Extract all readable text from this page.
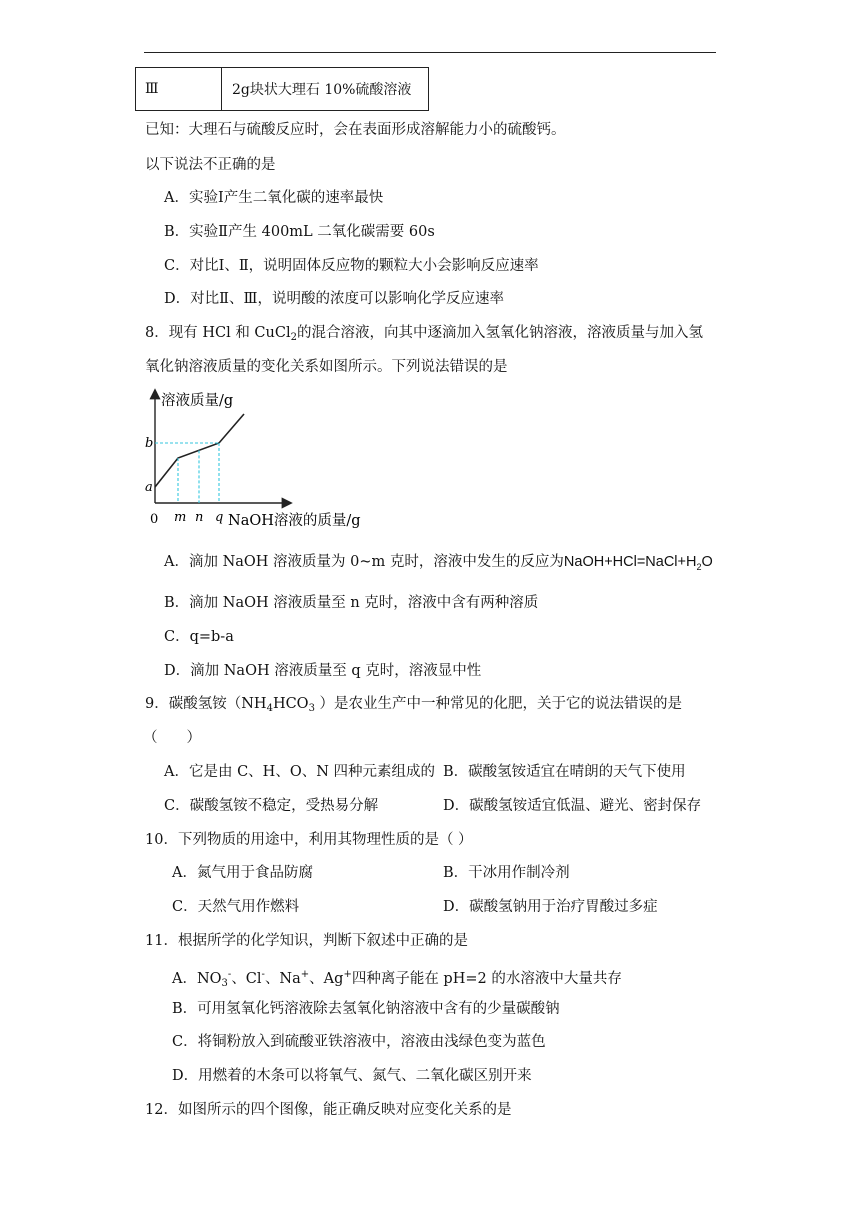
Ⅲ	2g块状大理石 10%硫酸溶液
已知：大理石与硫酸反应时，会在表面形成溶解能力小的硫酸钙。
以下说法不正确的是
A．实验Ⅰ产生二氧化碳的速率最快
B．实验Ⅱ产生 400mL 二氧化碳需要 60s
C．对比Ⅰ、Ⅱ，说明固体反应物的颗粒大小会影响反应速率
D．对比Ⅱ、Ⅲ，说明酸的浓度可以影响化学反应速率
8．现有 HCl 和 CuCl$_2$的混合溶液，向其中逐滴加入氢氧化钠溶液，溶液质量与加入氢
氧化钠溶液质量的变化关系如图所示。下列说法错误的是
溶液质量/g
NaOH溶液的质量/g
0 m n q
a
b
A．滴加 NaOH 溶液质量为 0~m 克时，溶液中发生的反应为$NaOH+HCl=NaCl+H_2O$
B．滴加 NaOH 溶液质量至 n 克时，溶液中含有两种溶质
C．q=b-a
D．滴加 NaOH 溶液质量至 q 克时，溶液显中性
9．碳酸氢铵（$NH_4HCO_3$ ）是农业生产中一种常见的化肥，关于它的说法错误的是
（　　）
A．它是由 C、H、O、N 四种元素组成的 B．碳酸氢铵适宜在晴朗的天气下使用
C．碳酸氢铵不稳定，受热易分解	D．碳酸氢铵适宜低温、避光、密封保存
10．下列物质的用途中，利用其物理性质的是（ ）
A．氮气用于食品防腐	B．干冰用作制冷剂
C．天然气用作燃料	D．碳酸氢钠用于治疗胃酸过多症
11．根据所学的化学知识，判断下叙述中正确的是
A．$NO_3^-$、Cl-、Na+、Ag+四种离子能在 pH=2 的水溶液中大量共存
B．可用氢氧化钙溶液除去氢氧化钠溶液中含有的少量碳酸钠
C．将铜粉放入到硫酸亚铁溶液中，溶液由浅绿色变为蓝色
D．用燃着的木条可以将氧气、氮气、二氧化碳区别开来
12．如图所示的四个图像，能正确反映对应变化关系的是
